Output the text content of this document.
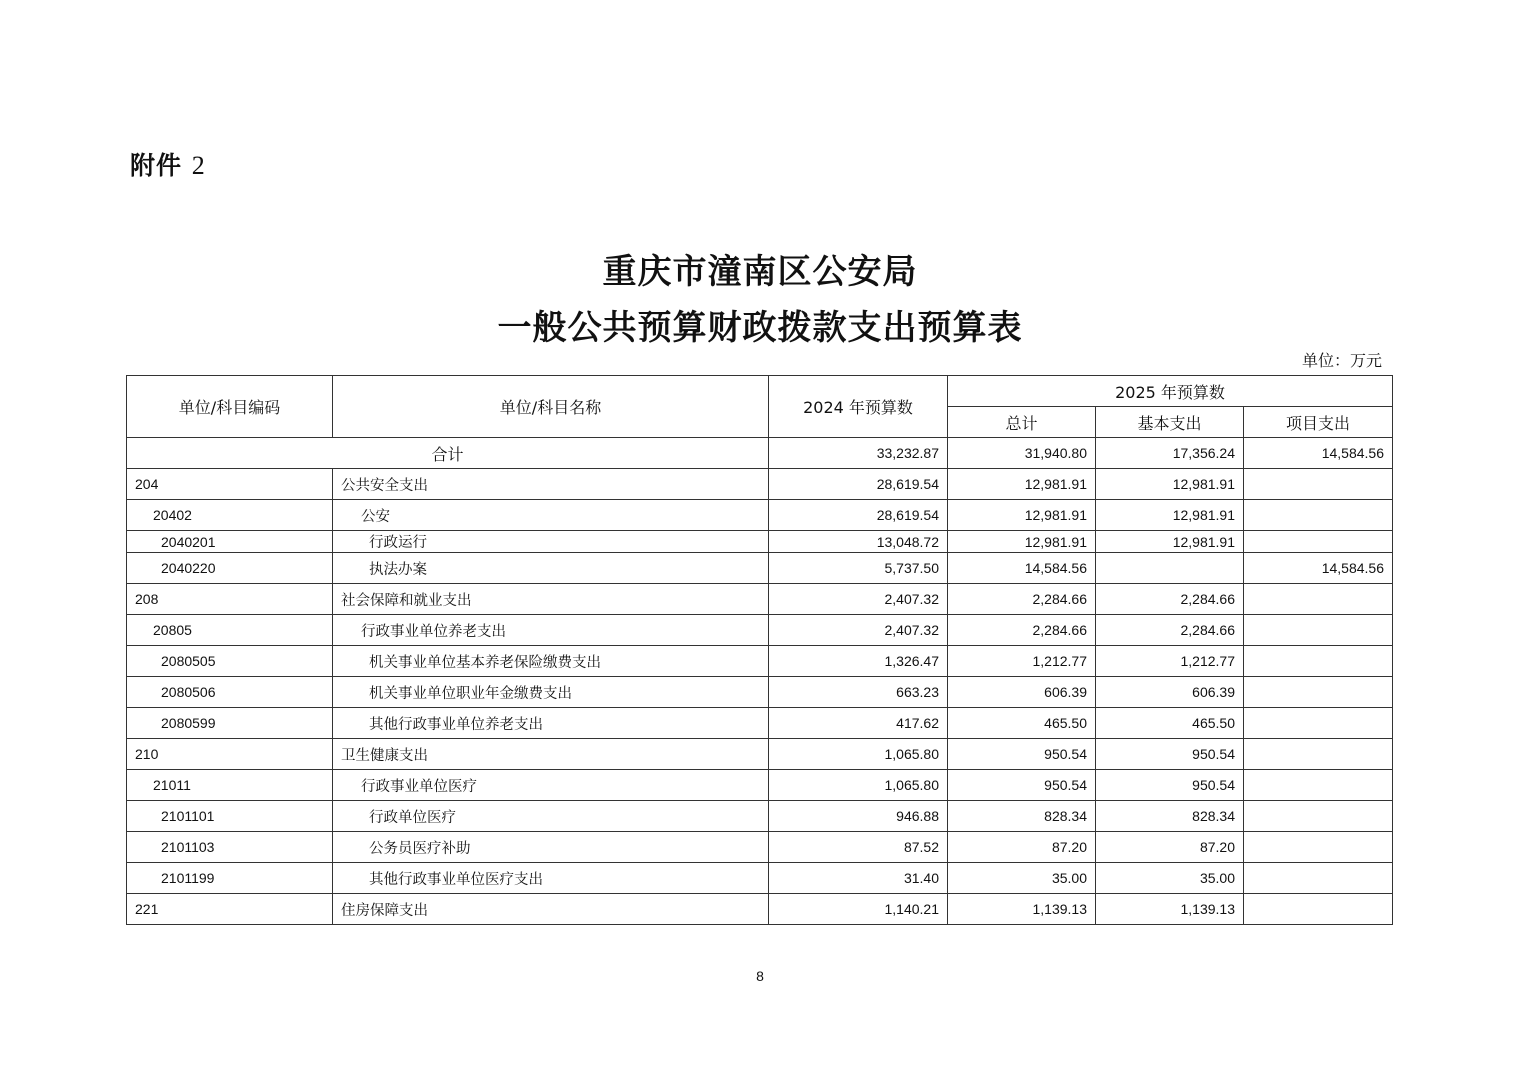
附件 2
重庆市潼南区公安局
一般公共预算财政拨款支出预算表
单位：万元
单位/科目编码	单位/科目名称	2024 年预算数	2025 年预算数		
			总计	基本支出	项目支出
合计		33,232.87	31,940.80	17,356.24	14,584.56
204	公共安全支出	28,619.54	12,981.91	12,981.91	
20402	公安	28,619.54	12,981.91	12,981.91	
2040201	行政运行	13,048.72	12,981.91	12,981.91	
2040220	执法办案	5,737.50	14,584.56		14,584.56
208	社会保障和就业支出	2,407.32	2,284.66	2,284.66	
20805	行政事业单位养老支出	2,407.32	2,284.66	2,284.66	
2080505	机关事业单位基本养老保险缴费支出	1,326.47	1,212.77	1,212.77	
2080506	机关事业单位职业年金缴费支出	663.23	606.39	606.39	
2080599	其他行政事业单位养老支出	417.62	465.50	465.50	
210	卫生健康支出	1,065.80	950.54	950.54	
21011	行政事业单位医疗	1,065.80	950.54	950.54	
2101101	行政单位医疗	946.88	828.34	828.34	
2101103	公务员医疗补助	87.52	87.20	87.20	
2101199	其他行政事业单位医疗支出	31.40	35.00	35.00	
221	住房保障支出	1,140.21	1,139.13	1,139.13	
8
